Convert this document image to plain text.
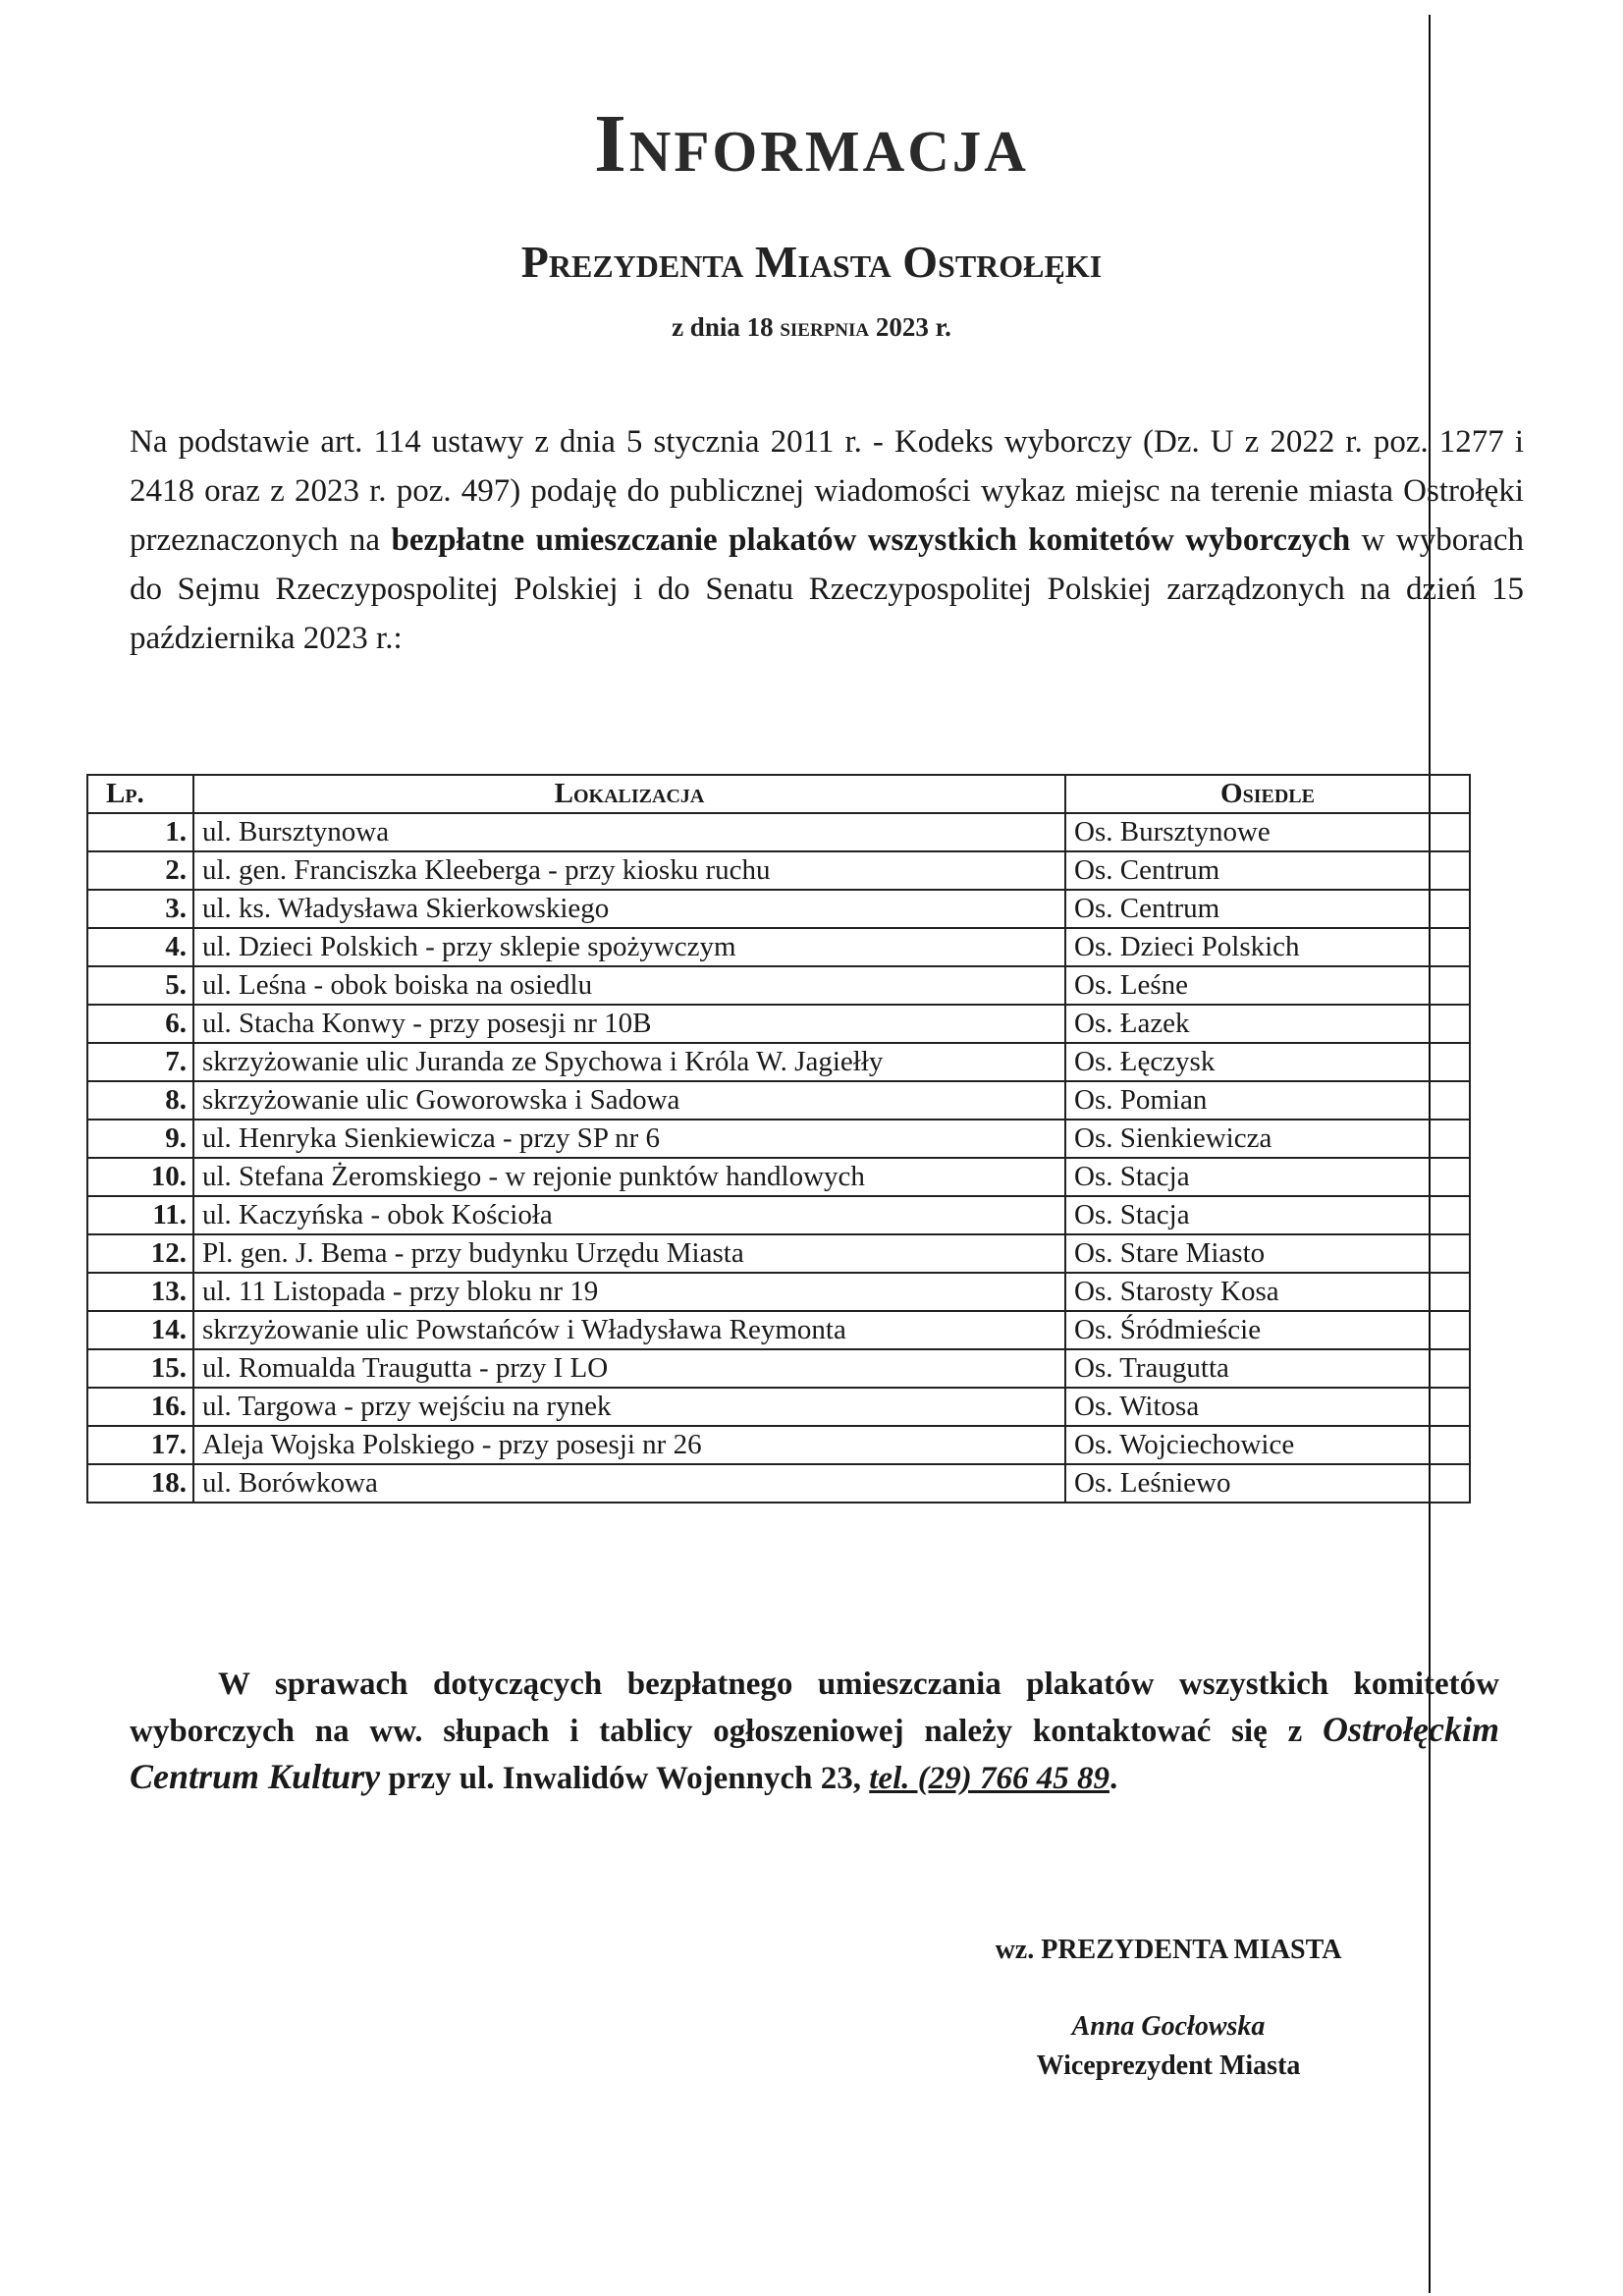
Informacja
Prezydenta Miasta Ostrołęki
z dnia 18 sierpnia 2023 r.
Na podstawie art. 114 ustawy z dnia 5 stycznia 2011 r. - Kodeks wyborczy (Dz. U z 2022 r. poz. 1277 i 2418 oraz z 2023 r. poz. 497) podaję do publicznej wiadomości wykaz miejsc na terenie miasta Ostrołęki przeznaczonych na bezpłatne umieszczanie plakatów wszystkich komitetów wyborczych w wyborach do Sejmu Rzeczypospolitej Polskiej i do Senatu Rzeczypospolitej Polskiej zarządzonych na dzień 15 października 2023 r.:
Lp.	Lokalizacja	Osiedle
1.	ul. Bursztynowa	Os. Bursztynowe
2.	ul. gen. Franciszka Kleeberga - przy kiosku ruchu	Os. Centrum
3.	ul. ks. Władysława Skierkowskiego	Os. Centrum
4.	ul. Dzieci Polskich - przy sklepie spożywczym	Os. Dzieci Polskich
5.	ul. Leśna - obok boiska na osiedlu	Os. Leśne
6.	ul. Stacha Konwy - przy posesji nr 10B	Os. Łazek
7.	skrzyżowanie ulic Juranda ze Spychowa i Króla W. Jagiełły	Os. Łęczysk
8.	skrzyżowanie ulic Goworowska i Sadowa	Os. Pomian
9.	ul. Henryka Sienkiewicza - przy SP nr 6	Os. Sienkiewicza
10.	ul. Stefana Żeromskiego - w rejonie punktów handlowych	Os. Stacja
11.	ul. Kaczyńska - obok Kościoła	Os. Stacja
12.	Pl. gen. J. Bema - przy budynku Urzędu Miasta	Os. Stare Miasto
13.	ul. 11 Listopada - przy bloku nr 19	Os. Starosty Kosa
14.	skrzyżowanie ulic Powstańców i Władysława Reymonta	Os. Śródmieście
15.	ul. Romualda Traugutta - przy I LO	Os. Traugutta
16.	ul. Targowa - przy wejściu na rynek	Os. Witosa
17.	Aleja Wojska Polskiego - przy posesji nr 26	Os. Wojciechowice
18.	ul. Borówkowa	Os. Leśniewo
W sprawach dotyczących bezpłatnego umieszczania plakatów wszystkich komitetów wyborczych na ww. słupach i tablicy ogłoszeniowej należy kontaktować się z Ostrołęckim Centrum Kultury przy ul. Inwalidów Wojennych 23, tel. (29) 766 45 89.
wz. PREZYDENTA MIASTA
Anna Gocłowska
Wiceprezydent Miasta
